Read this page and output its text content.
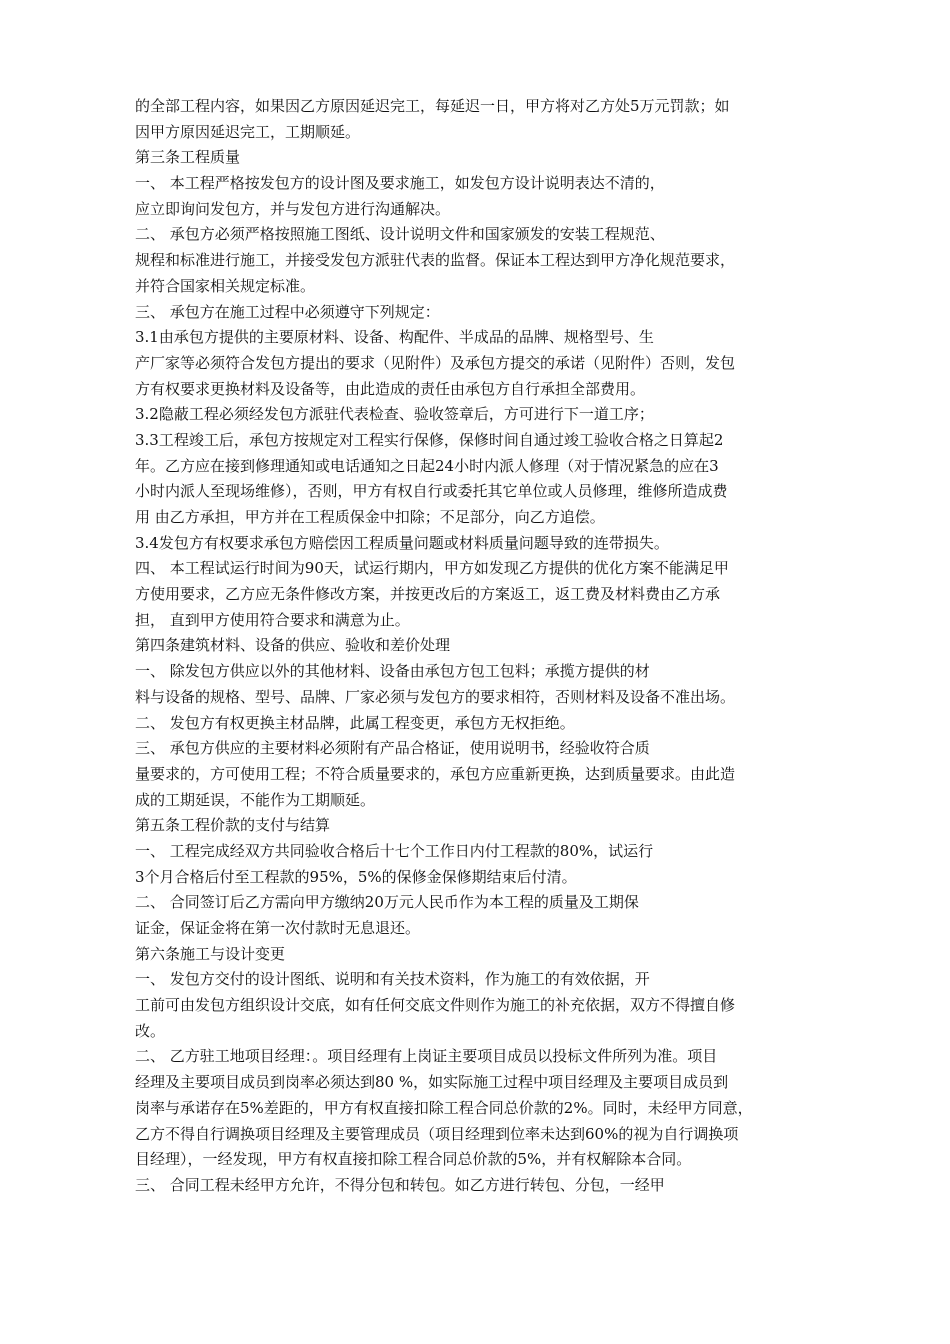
的全部工程内容，如果因乙方原因延迟完工，每延迟一日，甲方将对乙方处5万元罚款；如
因甲方原因延迟完工，工期顺延。
第三条工程质量
一、 本工程严格按发包方的设计图及要求施工，如发包方设计说明表达不清的，
应立即询问发包方，并与发包方进行沟通解决。
二、 承包方必须严格按照施工图纸、设计说明文件和国家颁发的安装工程规范、
规程和标准进行施工，并接受发包方派驻代表的监督。保证本工程达到甲方净化规范要求，
并符合国家相关规定标准。
三、 承包方在施工过程中必须遵守下列规定：
3.1由承包方提供的主要原材料、设备、构配件、半成品的品牌、规格型号、生
产厂家等必须符合发包方提出的要求（见附件）及承包方提交的承诺（见附件）否则，发包
方有权要求更换材料及设备等，由此造成的责任由承包方自行承担全部费用。
3.2隐蔽工程必须经发包方派驻代表检查、验收签章后，方可进行下一道工序；
3.3工程竣工后，承包方按规定对工程实行保修，保修时间自通过竣工验收合格之日算起2
年。乙方应在接到修理通知或电话通知之日起24小时内派人修理（对于情况紧急的应在3
小时内派人至现场维修），否则，甲方有权自行或委托其它单位或人员修理，维修所造成费
用 由乙方承担，甲方并在工程质保金中扣除；不足部分，向乙方追偿。
3.4发包方有权要求承包方赔偿因工程质量问题或材料质量问题导致的连带损失。
四、 本工程试运行时间为90天，试运行期内，甲方如发现乙方提供的优化方案不能满足甲
方使用要求，乙方应无条件修改方案，并按更改后的方案返工，返工费及材料费由乙方承
担， 直到甲方使用符合要求和满意为止。
第四条建筑材料、设备的供应、验收和差价处理
一、 除发包方供应以外的其他材料、设备由承包方包工包料；承揽方提供的材
料与设备的规格、型号、品牌、厂家必须与发包方的要求相符，否则材料及设备不准出场。
二、 发包方有权更换主材品牌，此属工程变更，承包方无权拒绝。
三、 承包方供应的主要材料必须附有产品合格证，使用说明书，经验收符合质
量要求的，方可使用工程；不符合质量要求的，承包方应重新更换，达到质量要求。由此造
成的工期延误，不能作为工期顺延。
第五条工程价款的支付与结算
一、 工程完成经双方共同验收合格后十七个工作日内付工程款的80%，试运行
3个月合格后付至工程款的95%，5%的保修金保修期结束后付清。
二、 合同签订后乙方需向甲方缴纳20万元人民币作为本工程的质量及工期保
证金，保证金将在第一次付款时无息退还。
第六条施工与设计变更
一、 发包方交付的设计图纸、说明和有关技术资料，作为施工的有效依据，开
工前可由发包方组织设计交底，如有任何交底文件则作为施工的补充依据，双方不得擅自修
改。
二、 乙方驻工地项目经理：。项目经理有上岗证主要项目成员以投标文件所列为准。项目
经理及主要项目成员到岗率必须达到80 %，如实际施工过程中项目经理及主要项目成员到
岗率与承诺存在5%差距的，甲方有权直接扣除工程合同总价款的2%。同时，未经甲方同意，
乙方不得自行调换项目经理及主要管理成员（项目经理到位率未达到60%的视为自行调换项
目经理），一经发现，甲方有权直接扣除工程合同总价款的5%，并有权解除本合同。
三、 合同工程未经甲方允许，不得分包和转包。如乙方进行转包、分包，一经甲
